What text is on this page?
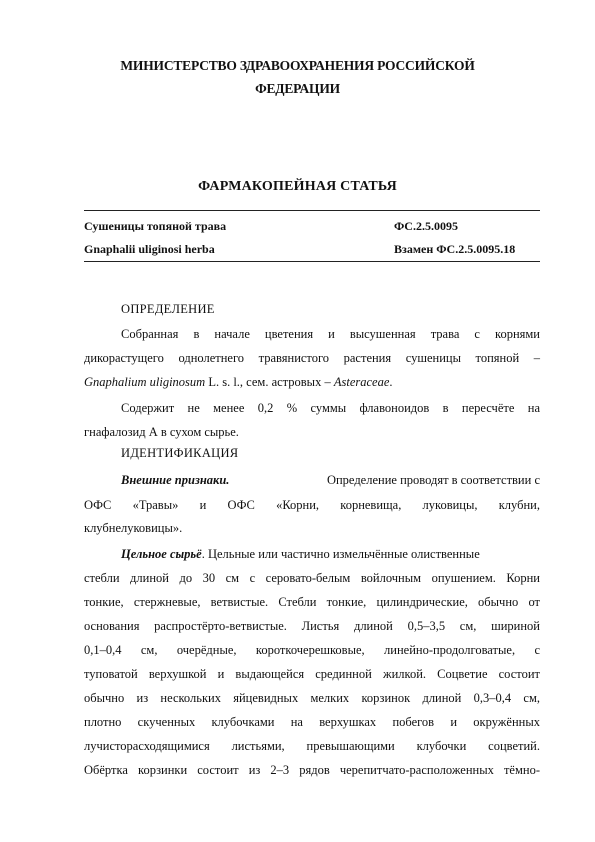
МИНИСТЕРСТВО ЗДРАВООХРАНЕНИЯ РОССИЙСКОЙ
ФЕДЕРАЦИИ
ФАРМАКОПЕЙНАЯ СТАТЬЯ
Сушеницы топяной трава	ФС.2.5.0095
Gnaphalii uliginosi herba	Взамен ФС.2.5.0095.18
ОПРЕДЕЛЕНИЕ
Собранная в начале цветения и высушенная трава с корнями
дикорастущего однолетнего травянистого растения сушеницы топяной –
Gnaphalium uliginosum L. s. l., сем. астровых – Asteraceae.
Содержит не менее 0,2 % суммы флавоноидов в пересчёте на
гнафалозид А в сухом сырье.
ИДЕНТИФИКАЦИЯ
Внешние признаки.	Определение проводят в соответствии с
ОФС «Травы» и ОФС «Корни, корневища, луковицы, клубни,
клубнелуковицы».
Цельное сырьё. Цельные или частично измельчённые олиственные
стебли длиной до 30 см с серовато-белым войлочным опушением. Корни
тонкие, стержневые, ветвистые. Стебли тонкие, цилиндрические, обычно от
основания распростёрто-ветвистые. Листья длиной 0,5–3,5 см, шириной
0,1–0,4 см, очерёдные, короткочерешковые, линейно-продолговатые, с
туповатой верхушкой и выдающейся срединной жилкой. Соцветие состоит
обычно из нескольких яйцевидных мелких корзинок длиной 0,3–0,4 см,
плотно скученных клубочками на верхушках побегов и окружённых
лучисторасходящимися листьями, превышающими клубочки соцветий.
Обёртка корзинки состоит из 2–3 рядов черепитчато-расположенных тёмно-
